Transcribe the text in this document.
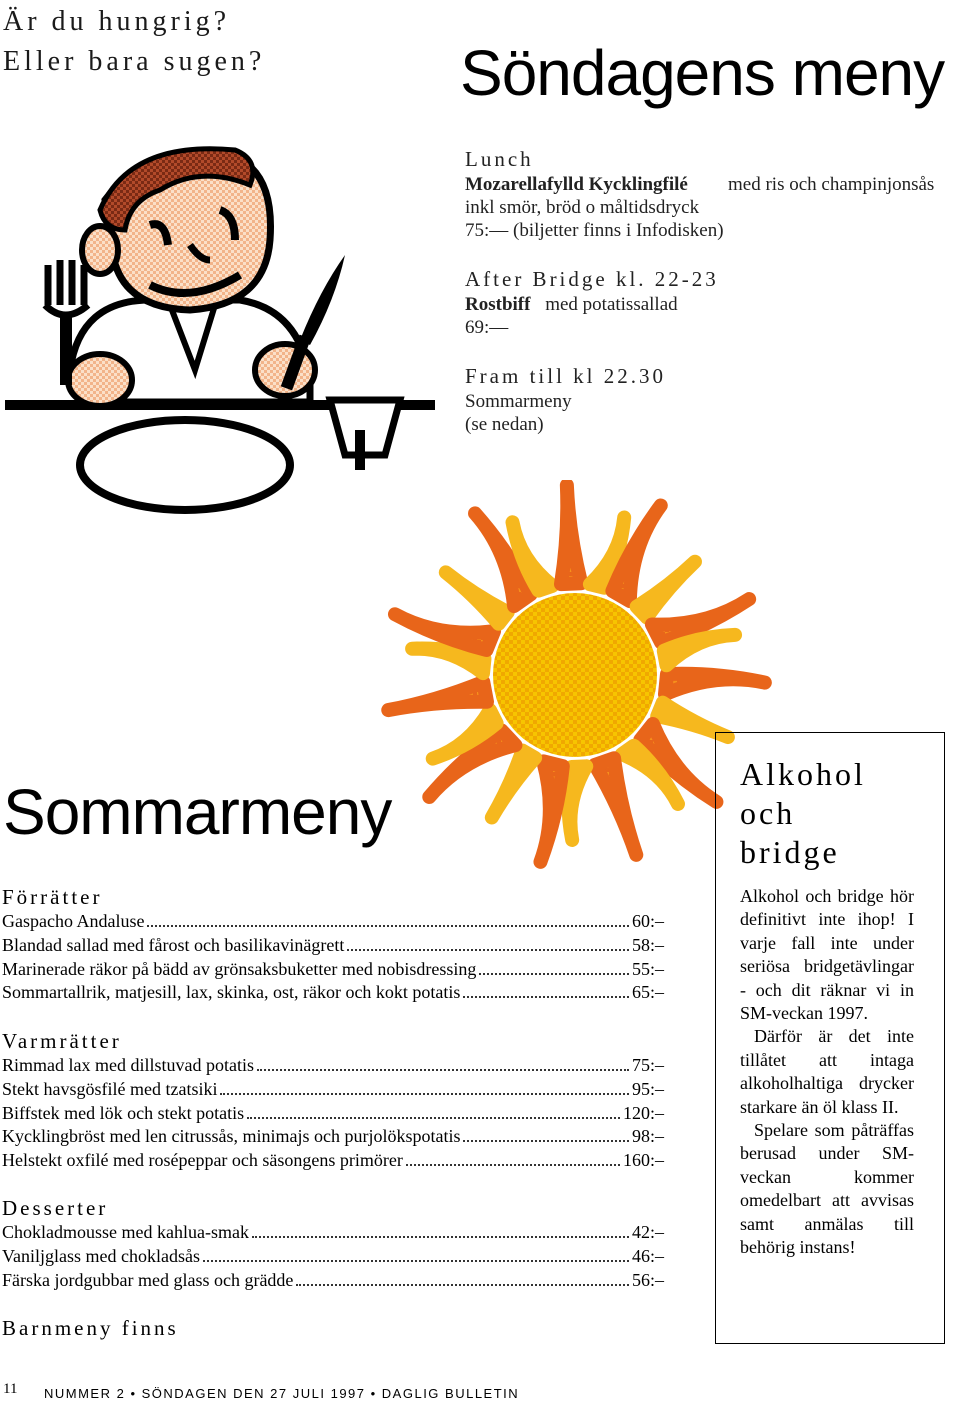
Är du hungrig?
Eller bara sugen?	Söndagens meny
Lunch
Mozarellafylld Kycklingfilé med ris och champinjonsås
inkl smör, bröd o måltidsdryck
75:— (biljetter finns i Infodisken)
After Bridge kl. 22-23
Rostbiff med potatissallad
69:—
Fram till kl 22.30
Sommarmeny
(se nedan)
Sommarmeny
Förrätter
Gaspacho Andaluse	60:–
Blandad sallad med fårost och basilikavinägrett	58:–
Marinerade räkor på bädd av grönsaksbuketter med nobisdressing	55:–
Sommartallrik, matjesill, lax, skinka, ost, räkor och kokt potatis	65:–
Varmrätter
Rimmad lax med dillstuvad potatis	75:–
Stekt havsgösfilé med tzatsiki	95:–
Biffstek med lök och stekt potatis	120:–
Kycklingbröst med len citrussås, minimajs och purjolökspotatis	98:–
Helstekt oxfilé med rosépeppar och säsongens primörer	160:–
Desserter
Chokladmousse med kahlua-smak	42:–
Vaniljglass med chokladsås	46:–
Färska jordgubbar med glass och grädde	56:–
Barnmeny finns
Alkohol
och
bridge

Alkohol och bridge hör definitivt inte ihop! I varje fall inte under seriösa bridgetävlingar - och dit räknar vi in SM-veckan 1997.

Därför är det inte tillåtet att intaga alkoholhaltiga drycker starkare än öl klass II.

Spelare som påträffas berusad under SM-veckan kommer omedelbart att avvisas samt anmälas till behörig instans!

11 NUMMER 2 • SÖNDAGEN DEN 27 JULI 1997 • DAGLIG BULLETIN
